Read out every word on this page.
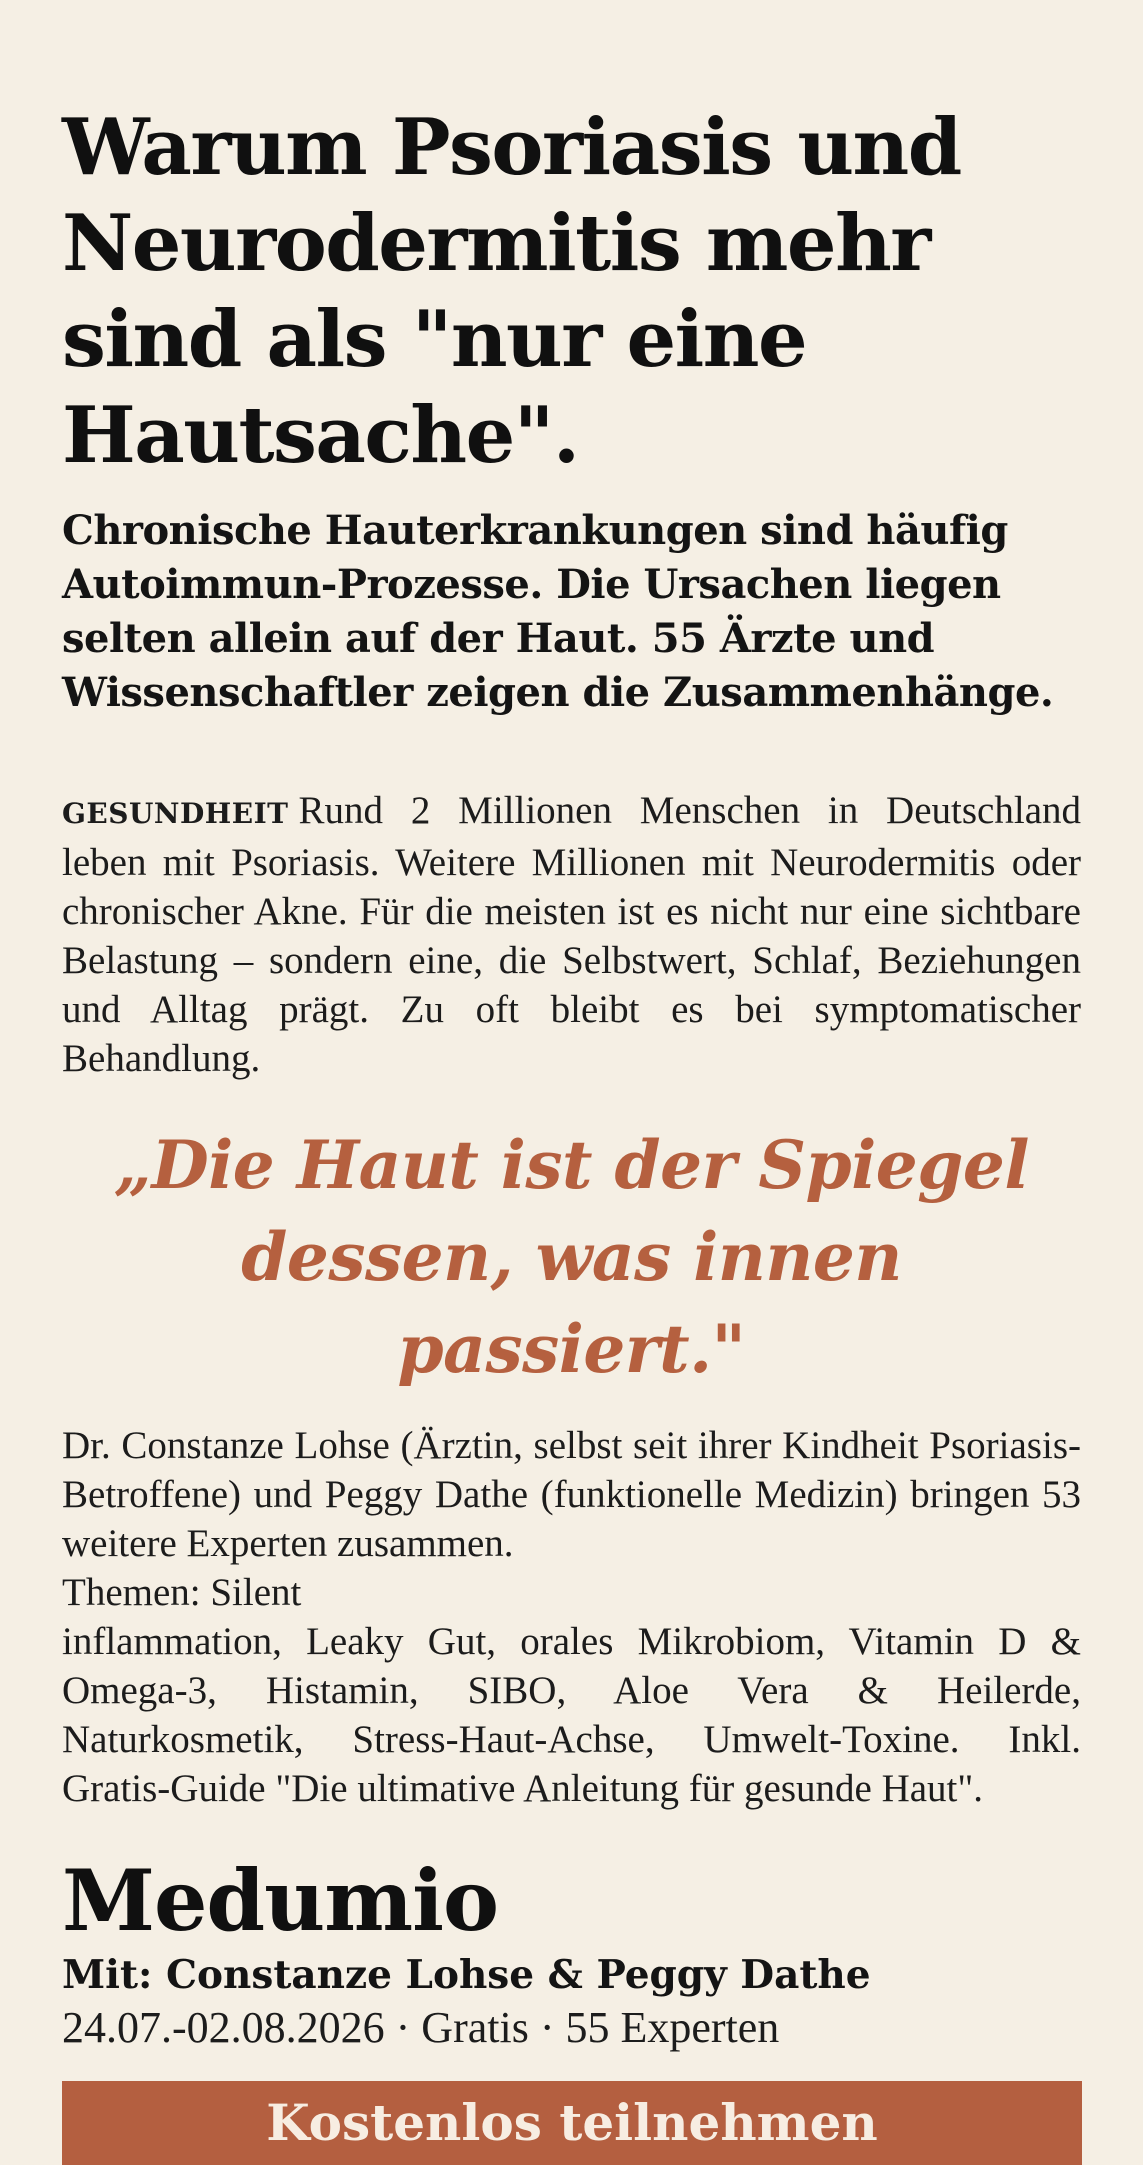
Warum Psoriasis und Neurodermitis mehr sind als "nur eine Hautsache".

Chronische Hauterkrankungen sind häufig Autoimmun-Prozesse. Die Ursachen liegen selten allein auf der Haut. 55 Ärzte und Wissenschaftler zeigen die Zusammenhänge.

GESUNDHEIT Rund 2 Millionen Menschen in Deutschland leben mit Psoriasis. Weitere Millionen mit Neurodermitis oder chronischer Akne. Für die meisten ist es nicht nur eine sichtbare Belastung – sondern eine, die Selbstwert, Schlaf, Beziehungen und Alltag prägt. Zu oft bleibt es bei symptomatischer Behandlung.

„Die Haut ist der Spiegel dessen, was innen passiert."

Dr. Constanze Lohse (Ärztin, selbst seit ihrer Kindheit Psoriasis-Betroffene) und Peggy Dathe (funktionelle Medizin) bringen 53 weitere Experten zusammen.
Themen: Silent
inflammation, Leaky Gut, orales Mikrobiom, Vitamin D & Omega-3, Histamin, SIBO, Aloe Vera & Heilerde, Naturkosmetik, Stress-Haut-Achse, Umwelt-Toxine. Inkl. Gratis-Guide "Die ultimative Anleitung für gesunde Haut".

Medumio
Mit: Constanze Lohse & Peggy Dathe
24.07.-02.08.2026 · Gratis · 55 Experten
Kostenlos teilnehmen
